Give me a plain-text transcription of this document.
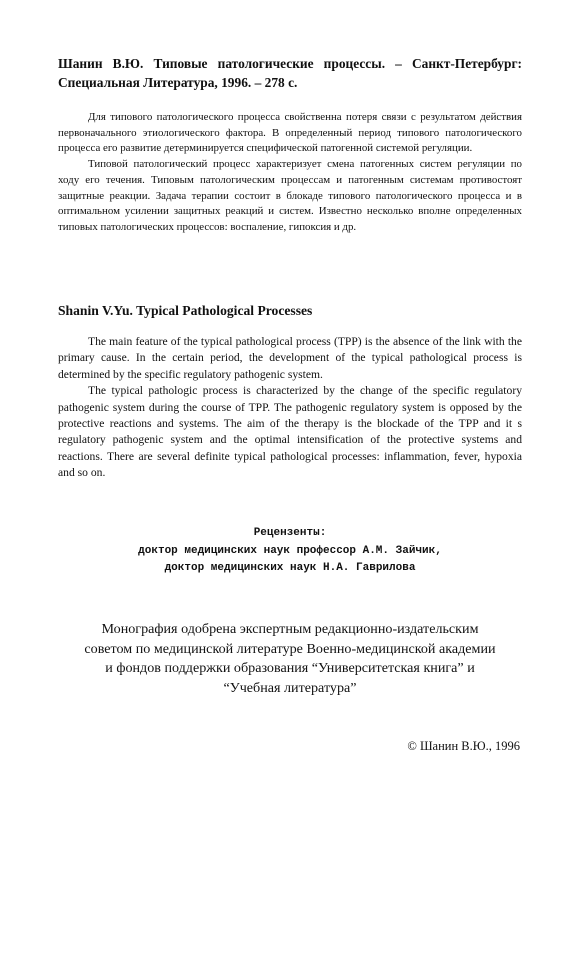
Шанин В.Ю. Типовые патологические процессы. – Санкт-Петербург: Специальная Литература, 1996. – 278 с.

Для типового патологического процесса свойственна потеря связи с результатом действия первоначального этиологического фактора. В определенный период типового патологического процесса его развитие детерминируется специфической патогенной системой регуляции.

Типовой патологический процесс характеризует смена патогенных систем регуляции по ходу его течения. Типовым патологическим процессам и патогенным системам противостоят защитные реакции. Задача терапии состоит в блокаде типового патологического процесса и в оптимальном усилении защитных реакций и систем. Известно несколько вполне определенных типовых патологических процессов: воспаление, гипоксия и др.

Shanin V.Yu. Typical Pathological Processes

The main feature of the typical pathological process (TPP) is the absence of the link with the primary cause. In the certain period, the development of the typical pathological process is determined by the specific regulatory pathogenic system.

The typical pathologic process is characterized by the change of the specific regulatory pathogenic system during the course of TPP. The pathogenic regulatory system is opposed by the protective reactions and systems. The aim of the therapy is the blockade of the TPP and it s regulatory pathogenic system and the optimal intensification of the protective systems and reactions. There are several definite typical pathological processes: inflammation, fever, hypoxia and so on.

Рецензенты:
доктор медицинских наук профессор А.М. Зайчик,
доктор медицинских наук Н.А. Гаврилова
Монография одобрена экспертным редакционно-издательским
советом по медицинской литературе Военно-медицинской академии
и фондов поддержки образования “Университетская книга” и
“Учебная литература”
© Шанин В.Ю., 1996
